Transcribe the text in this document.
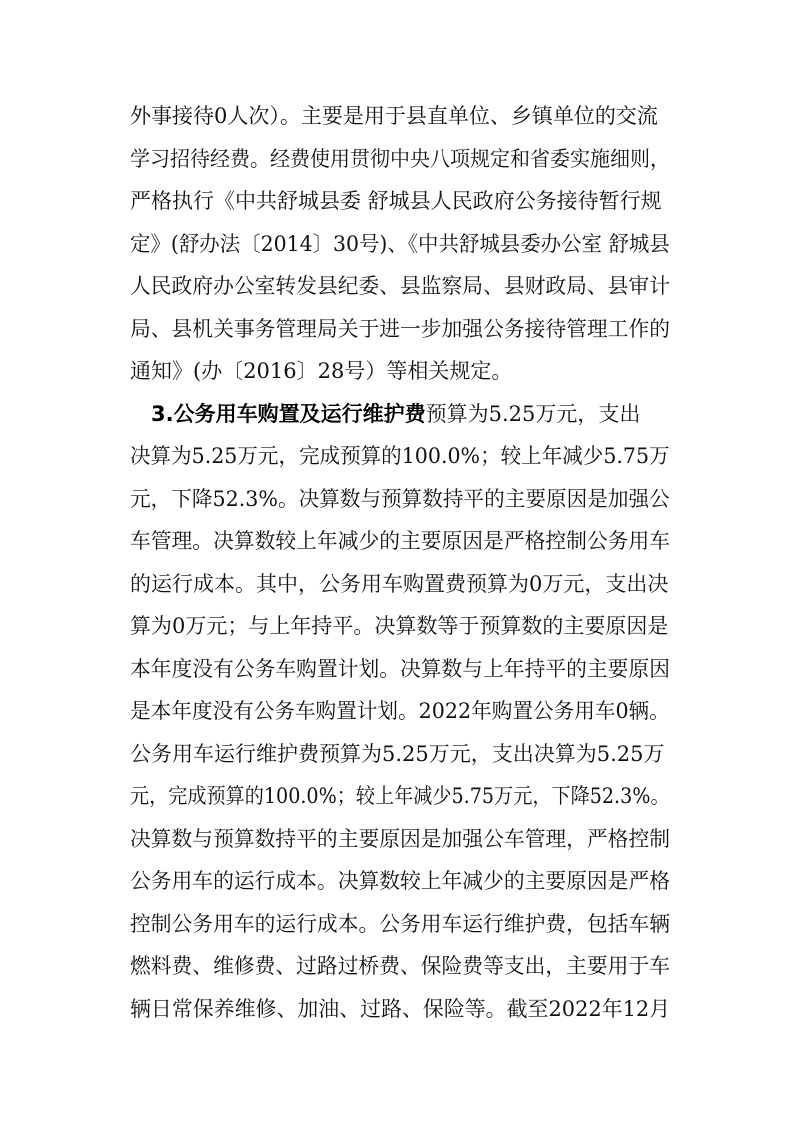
外事接待0人次）。主要是用于县直单位、乡镇单位的交流
学习招待经费。经费使用贯彻中央八项规定和省委实施细则，
严格执行《中共舒城县委 舒城县人民政府公务接待暂行规
定》(舒办法〔2014〕30号)、《中共舒城县委办公室 舒城县
人民政府办公室转发县纪委、县监察局、县财政局、县审计
局、县机关事务管理局关于进一步加强公务接待管理工作的
通知》(办〔2016〕28号）等相关规定。
3.公务用车购置及运行维护费预算为5.25万元，支出
决算为5.25万元，完成预算的100.0%；较上年减少5.75万
元，下降52.3%。决算数与预算数持平的主要原因是加强公
车管理。决算数较上年减少的主要原因是严格控制公务用车
的运行成本。其中，公务用车购置费预算为0万元，支出决
算为0万元；与上年持平。决算数等于预算数的主要原因是
本年度没有公务车购置计划。决算数与上年持平的主要原因
是本年度没有公务车购置计划。2022年购置公务用车0辆。
公务用车运行维护费预算为5.25万元，支出决算为5.25万
元，完成预算的100.0%；较上年减少5.75万元，下降52.3%。
决算数与预算数持平的主要原因是加强公车管理，严格控制
公务用车的运行成本。决算数较上年减少的主要原因是严格
控制公务用车的运行成本。公务用车运行维护费，包括车辆
燃料费、维修费、过路过桥费、保险费等支出，主要用于车
辆日常保养维修、加油、过路、保险等。截至2022年12月
